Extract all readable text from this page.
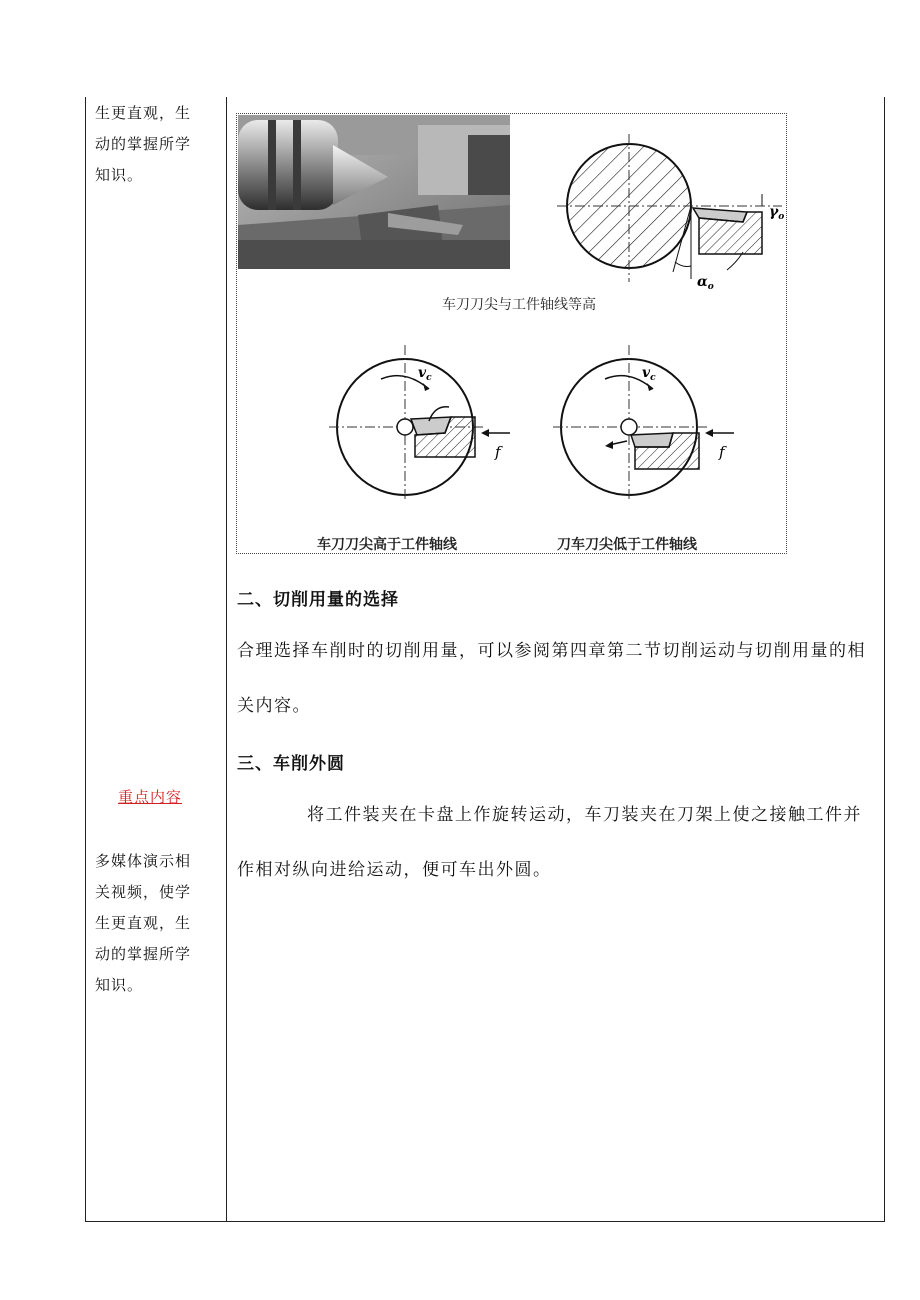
生更直观，生
动的掌握所学
知识。
重点内容
多媒体演示相
关视频，使学
生更直观，生
动的掌握所学
知识。
$\alpha_o$
$\gamma_o$
车刀刀尖与工件轴线等高
$v_c$
f
$v_c$
f
车刀刀尖高于工件轴线	刀车刀尖低于工件轴线
二、切削用量的选择
合理选择车削时的切削用量，可以参阅第四章第二节切削运动与切削用量的相关内容。
三、车削外圆
将工件装夹在卡盘上作旋转运动，车刀装夹在刀架上使之接触工件并作相对纵向进给运动，便可车出外圆。
